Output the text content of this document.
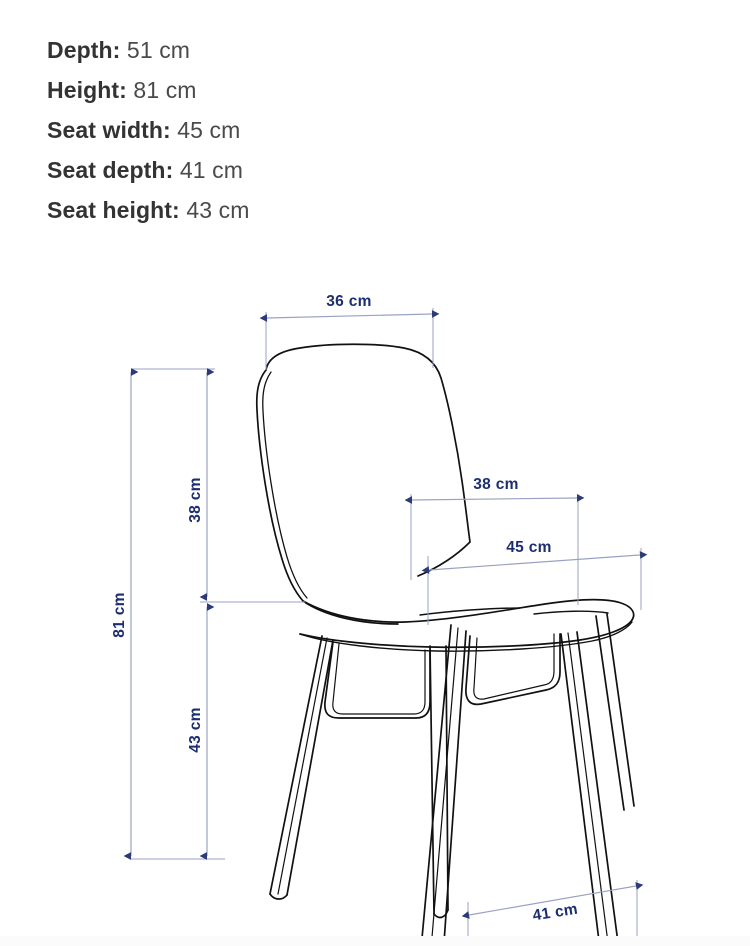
Depth: 51 cm
Height: 81 cm
Seat width: 45 cm
Seat depth: 41 cm
Seat height: 43 cm
36 cm
81 cm
38 cm
43 cm
38 cm
45 cm
41 cm
